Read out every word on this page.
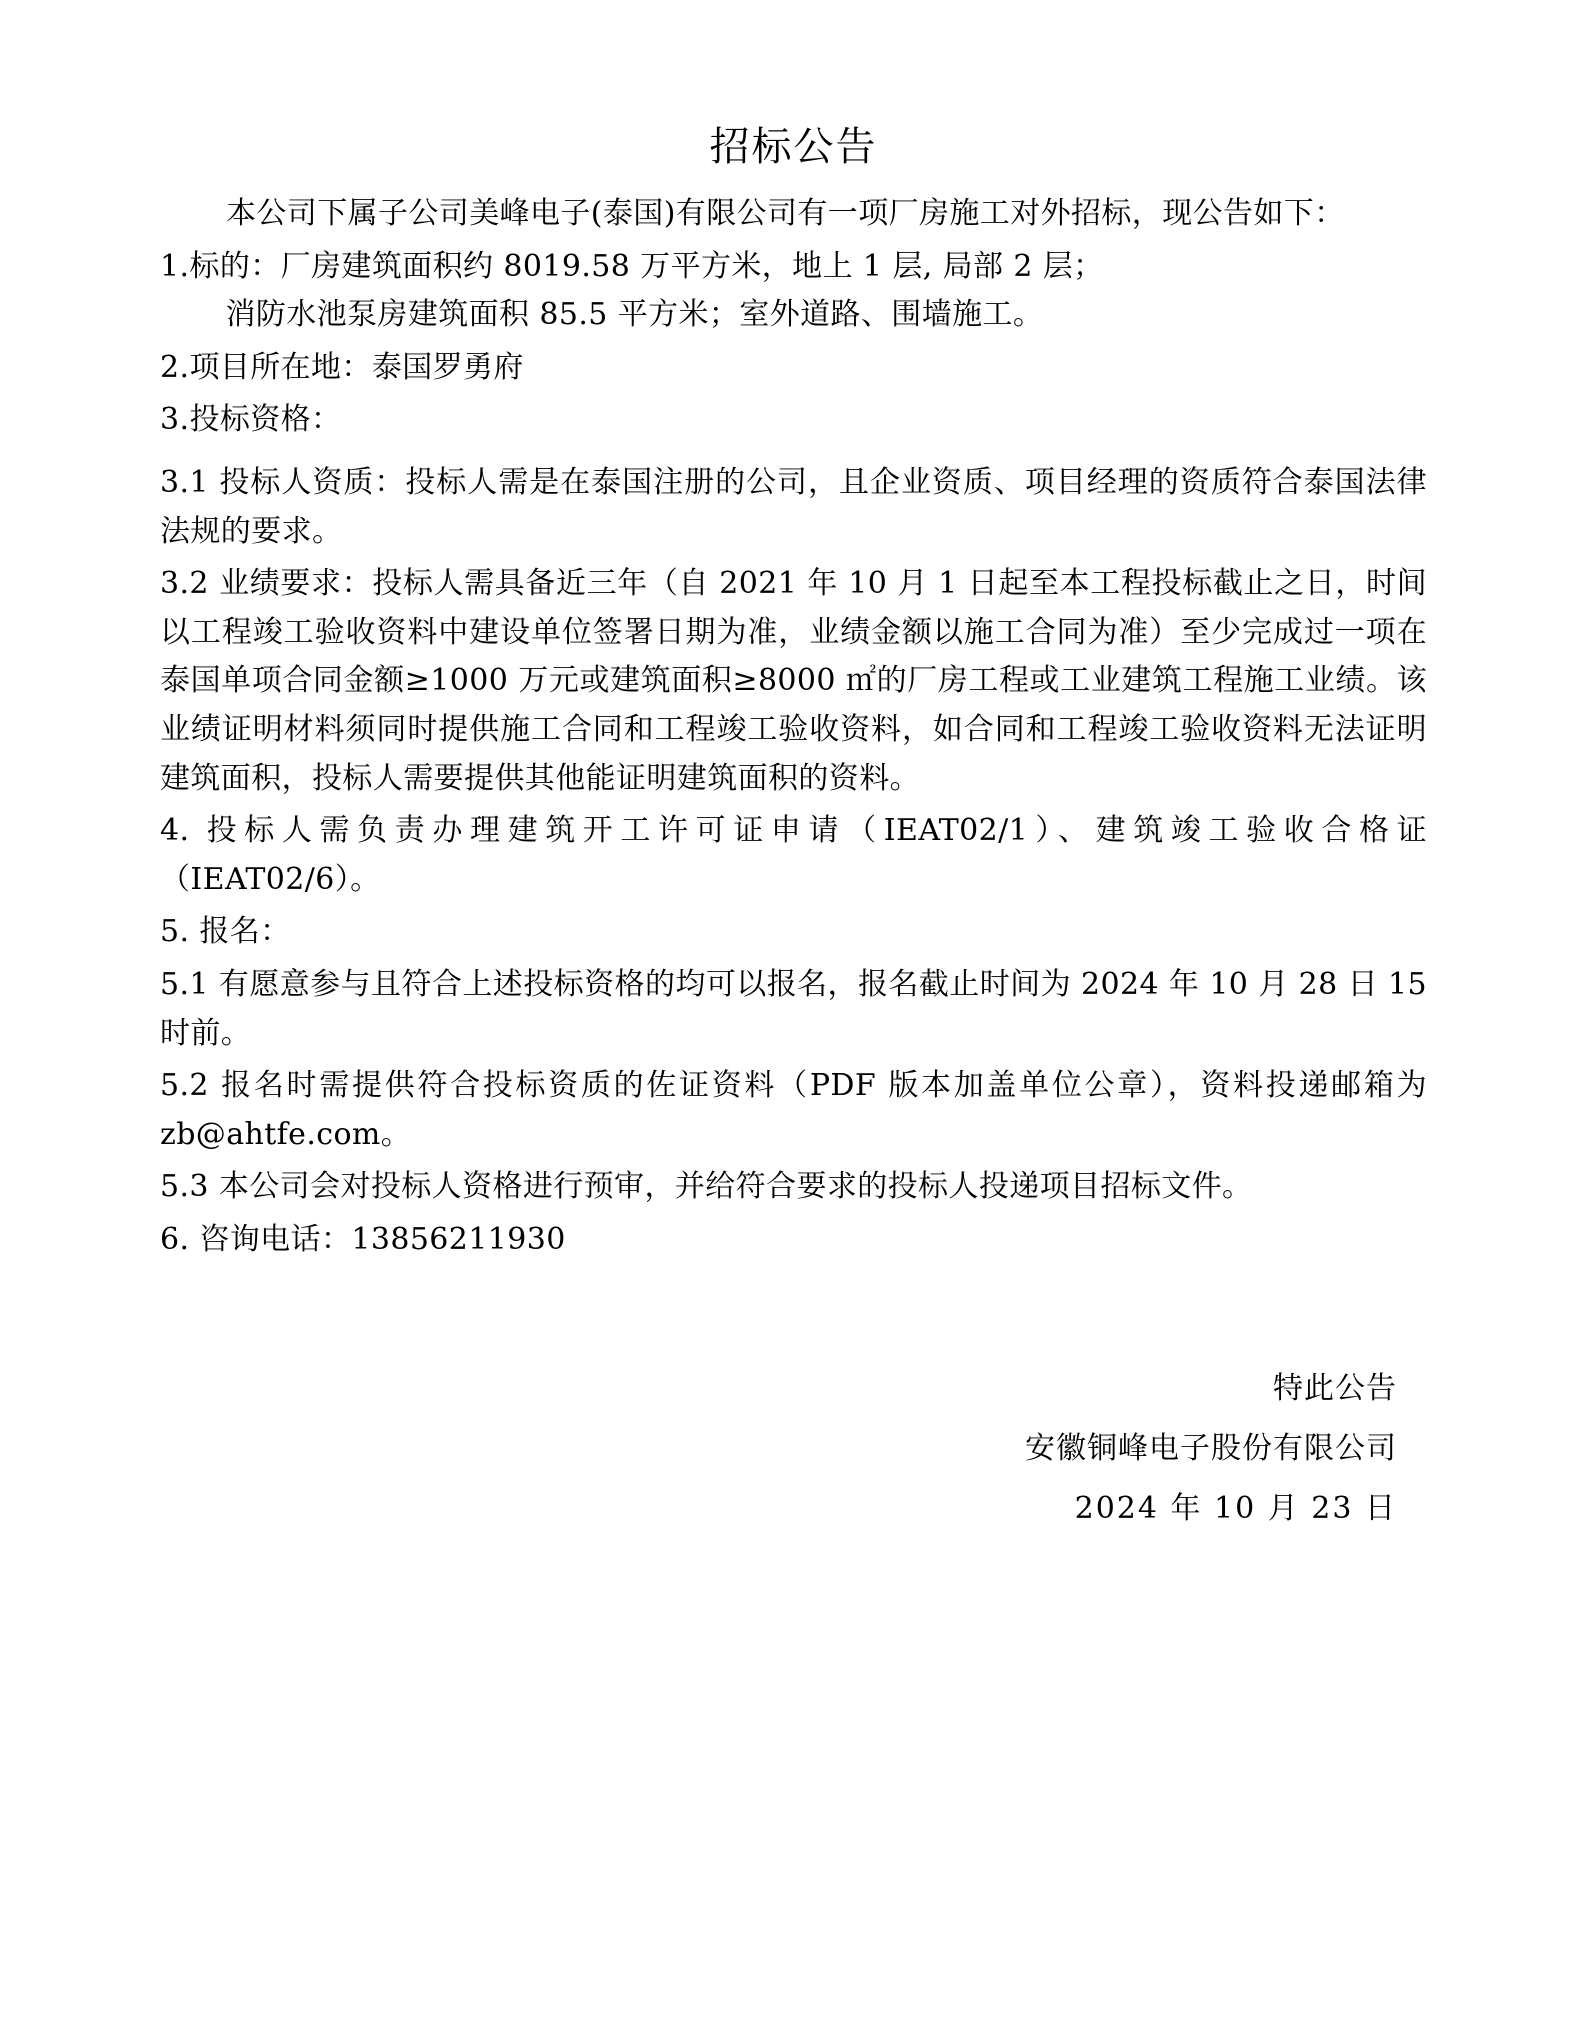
招标公告

本公司下属子公司美峰电子(泰国)有限公司有一项厂房施工对外招标，现公告如下：

1. 标的：厂房建筑面积约 8019.58 万平方米，地上 1 层, 局部 2 层；
消防水池泵房建筑面积 85.5 平方米；室外道路、围墙施工。
2. 项目所在地：泰国罗勇府
3. 投标资格：

3.1 投标人资质：投标人需是在泰国注册的公司，且企业资质、项目经理的资质符合泰国法律法规的要求。

3.2 业绩要求：投标人需具备近三年（自 2021 年 10 月 1 日起至本工程投标截止之日，时间以工程竣工验收资料中建设单位签署日期为准，业绩金额以施工合同为准）至少完成过一项在泰国单项合同金额≥1000 万元或建筑面积≥8000 ㎡的厂房工程或工业建筑工程施工业绩。该业绩证明材料须同时提供施工合同和工程竣工验收资料，如合同和工程竣工验收资料无法证明建筑面积，投标人需要提供其他能证明建筑面积的资料。

4. 投标人需负责办理建筑开工许可证申请（IEAT02/1）、建筑竣工验收合格证（IEAT02/6）。

5. 报名：

5.1 有愿意参与且符合上述投标资格的均可以报名，报名截止时间为 2024 年 10 月 28 日 15 时前。

5.2 报名时需提供符合投标资质的佐证资料（PDF 版本加盖单位公章），资料投递邮箱为 zb@ahtfe.com。

5.3 本公司会对投标人资格进行预审，并给符合要求的投标人投递项目招标文件。

6. 咨询电话：13856211930

特此公告
安徽铜峰电子股份有限公司
2024 年 10 月 23 日
